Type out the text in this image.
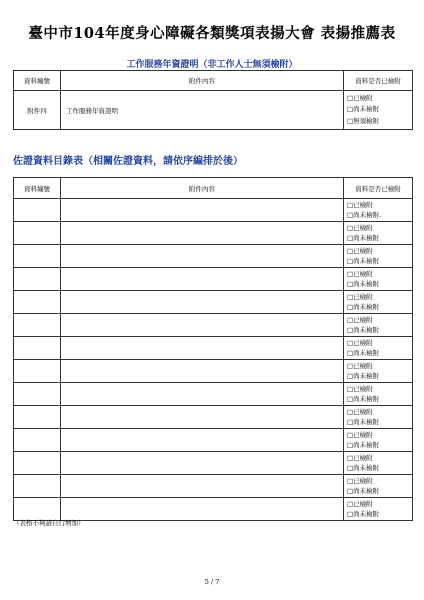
臺中市104年度身心障礙各類獎項表揚大會 表揚推薦表
工作服務年資證明（非工作人士無須檢附）
資料編號	附件內容	資料是否已檢附
附件四	工作服務年資證明	□已檢附
□尚未檢附
□無須檢附
佐證資料目錄表（相關佐證資料，請依序編排於後）
資料編號	附件內容	資料是否已檢附

		□已檢附
□尚未檢附.

		□已檢附
□尚未檢附

		□已檢附
□尚未檢附

		□已檢附
□尚未檢附

		□已檢附
□尚未檢附

		□已檢附
□尚未檢附

		□已檢附
□尚未檢附

		□已檢附
□尚未檢附

		□已檢附
□尚未檢附

		□已檢附
□尚未檢附

		□已檢附
□尚未檢附

		□已檢附
□尚未檢附

		□已檢附
□尚未檢附

		□已檢附
□尚未檢附
（表格不夠請自行增加）
5 / 7
